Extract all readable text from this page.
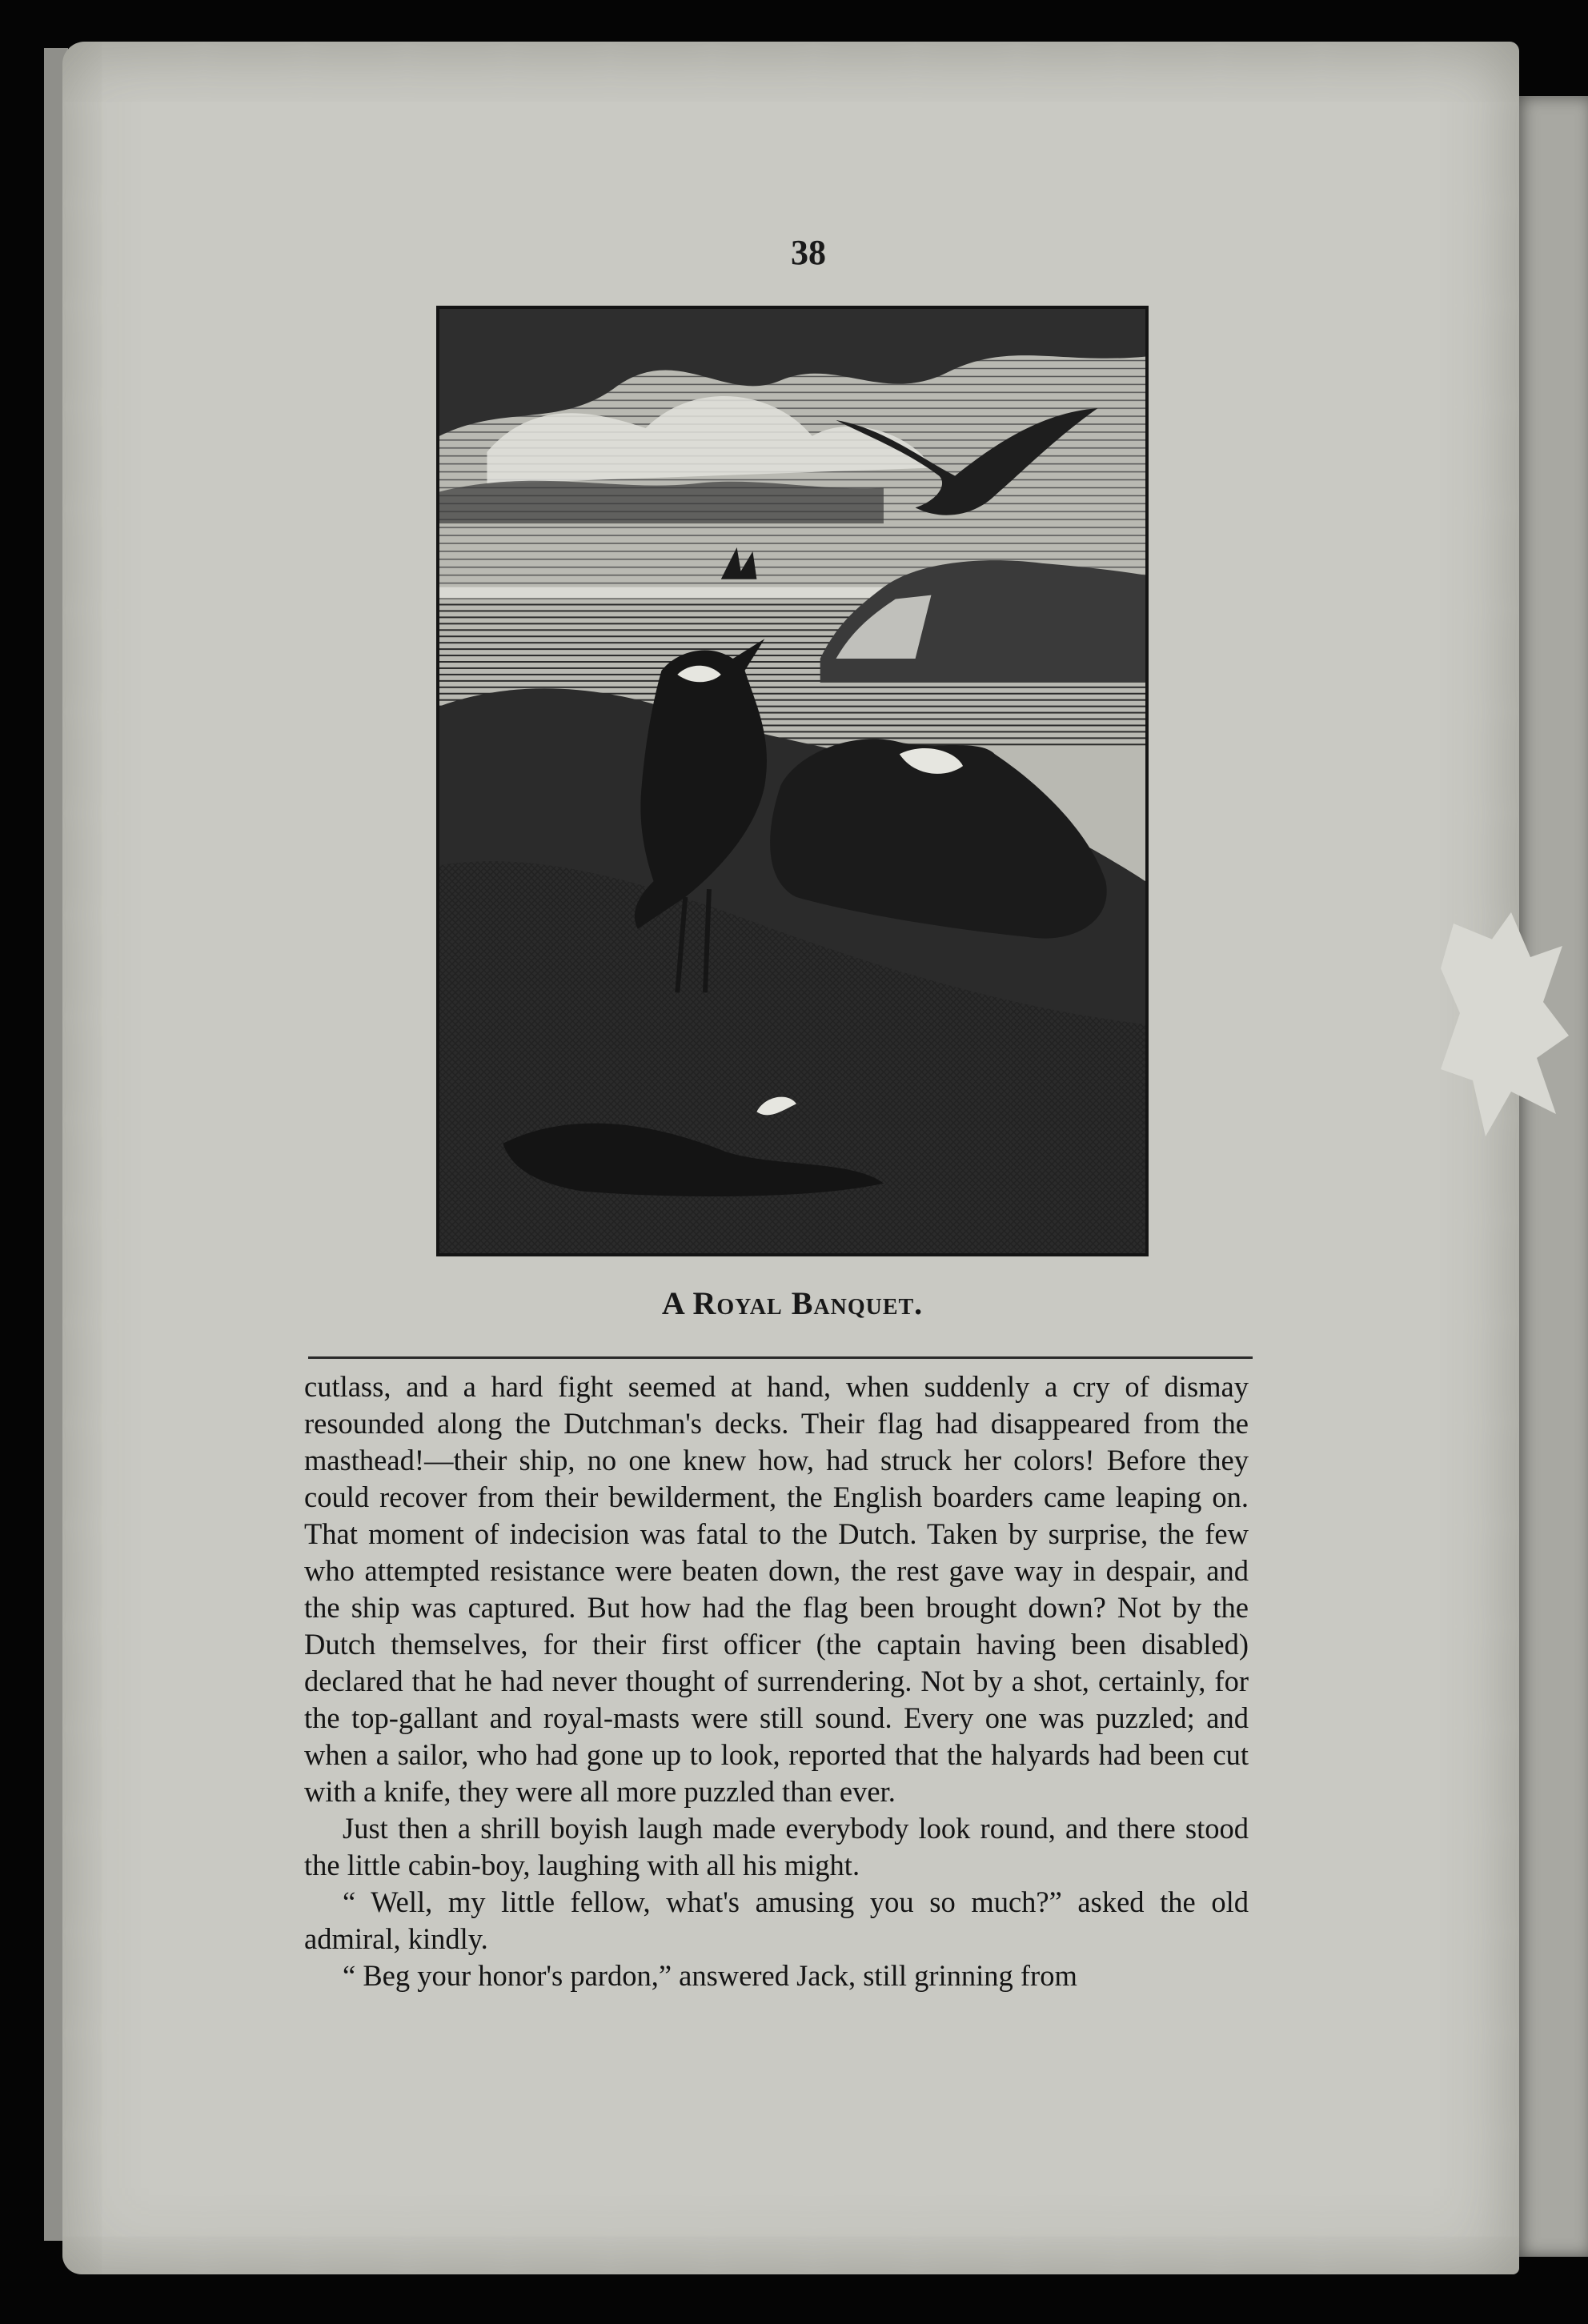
38
A Royal Banquet.

cutlass, and a hard fight seemed at hand, when suddenly a cry of dismay resounded along the Dutchman's decks. Their flag had disappeared from the masthead!—their ship, no one knew how, had struck her colors! Before they could recover from their bewilderment, the English boarders came leaping on. That moment of indecision was fatal to the Dutch. Taken by surprise, the few who attempted resistance were beaten down, the rest gave way in despair, and the ship was captured. But how had the flag been brought down? Not by the Dutch themselves, for their first officer (the captain having been disabled) declared that he had never thought of surrendering. Not by a shot, certainly, for the top-gallant and royal-masts were still sound. Every one was puzzled; and when a sailor, who had gone up to look, reported that the halyards had been cut with a knife, they were all more puzzled than ever.

Just then a shrill boyish laugh made everybody look round, and there stood the little cabin-boy, laughing with all his might.

“ Well, my little fellow, what's amusing you so much?” asked the old admiral, kindly.

“ Beg your honor's pardon,” answered Jack, still grinning from
